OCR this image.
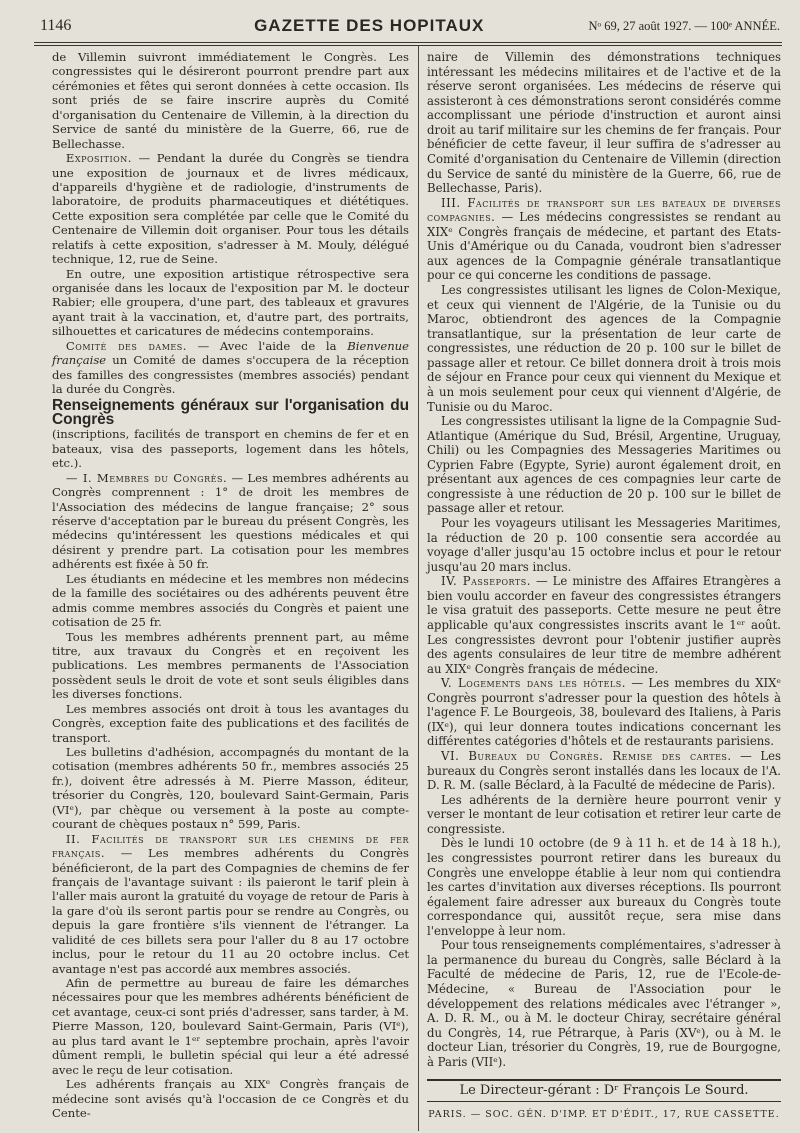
1146	GAZETTE DES HOPITAUX	Nᵒ 69, 27 août 1927. — 100ᵉ ANNÉE.

de Villemin suivront immédiatement le Congrès. Les congressistes qui le désireront pourront prendre part aux cérémonies et fêtes qui seront données à cette occasion. Ils sont priés de se faire inscrire auprès du Comité d'organisation du Centenaire de Villemin, à la direction du Service de santé du ministère de la Guerre, 66, rue de Bellechasse.

Exposition. — Pendant la durée du Congrès se tiendra une exposition de journaux et de livres médicaux, d'appareils d'hygiène et de radiologie, d'instruments de laboratoire, de produits pharmaceutiques et diététiques. Cette exposition sera complétée par celle que le Comité du Centenaire de Villemin doit organiser. Pour tous les détails relatifs à cette exposition, s'adresser à M. Mouly, délégué technique, 12, rue de Seine.

En outre, une exposition artistique rétrospective sera organisée dans les locaux de l'exposition par M. le docteur Rabier; elle groupera, d'une part, des tableaux et gravures ayant trait à la vaccination, et, d'autre part, des portraits, silhouettes et caricatures de médecins contemporains.

Comité des dames. — Avec l'aide de la Bienvenue française un Comité de dames s'occupera de la réception des familles des congressistes (membres associés) pendant la durée du Congrès.

Renseignements généraux sur l'organisation du Congrès

(inscriptions, facilités de transport en chemins de fer et en bateaux, visa des passeports, logement dans les hôtels, etc.).

— I. Membres du Congrès. — Les membres adhérents au Congrès comprennent : 1° de droit les membres de l'Association des médecins de langue française; 2° sous réserve d'acceptation par le bureau du présent Congrès, les médecins qu'intéressent les questions médicales et qui désirent y prendre part. La cotisation pour les membres adhérents est fixée à 50 fr.

Les étudiants en médecine et les membres non médecins de la famille des sociétaires ou des adhérents peuvent être admis comme membres associés du Congrès et paient une cotisation de 25 fr.

Tous les membres adhérents prennent part, au même titre, aux travaux du Congrès et en reçoivent les publications. Les membres permanents de l'Association possèdent seuls le droit de vote et sont seuls éligibles dans les diverses fonctions.

Les membres associés ont droit à tous les avantages du Congrès, exception faite des publications et des facilités de transport.

Les bulletins d'adhésion, accompagnés du montant de la cotisation (membres adhérents 50 fr., membres associés 25 fr.), doivent être adressés à M. Pierre Masson, éditeur, trésorier du Congrès, 120, boulevard Saint-Germain, Paris (VIᵉ), par chèque ou versement à la poste au compte-courant de chèques postaux n° 599, Paris.

II. Facilités de transport sur les chemins de fer français. — Les membres adhérents du Congrès bénéficieront, de la part des Compagnies de chemins de fer français de l'avantage suivant : ils paieront le tarif plein à l'aller mais auront la gratuité du voyage de retour de Paris à la gare d'où ils seront partis pour se rendre au Congrès, ou depuis la gare frontière s'ils viennent de l'étranger. La validité de ces billets sera pour l'aller du 8 au 17 octobre inclus, pour le retour du 11 au 20 octobre inclus. Cet avantage n'est pas accordé aux membres associés.

Afin de permettre au bureau de faire les démarches nécessaires pour que les membres adhérents bénéficient de cet avantage, ceux-ci sont priés d'adresser, sans tarder, à M. Pierre Masson, 120, boulevard Saint-Germain, Paris (VIᵉ), au plus tard avant le 1ᵉʳ septembre prochain, après l'avoir dûment rempli, le bulletin spécial qui leur a été adressé avec le reçu de leur cotisation.

Les adhérents français au XIXᵉ Congrès français de médecine sont avisés qu'à l'occasion de ce Congrès et du Cente-

naire de Villemin des démonstrations techniques intéressant les médecins militaires et de l'active et de la réserve seront organisées. Les médecins de réserve qui assisteront à ces démonstrations seront considérés comme accomplissant une période d'instruction et auront ainsi droit au tarif militaire sur les chemins de fer français. Pour bénéficier de cette faveur, il leur suffira de s'adresser au Comité d'organisation du Centenaire de Villemin (direction du Service de santé du ministère de la Guerre, 66, rue de Bellechasse, Paris).

III. Facilités de transport sur les bateaux de diverses compagnies. — Les médecins congressistes se rendant au XIXᵉ Congrès français de médecine, et partant des Etats-Unis d'Amérique ou du Canada, voudront bien s'adresser aux agences de la Compagnie générale transatlantique pour ce qui concerne les conditions de passage.

Les congressistes utilisant les lignes de Colon-Mexique, et ceux qui viennent de l'Algérie, de la Tunisie ou du Maroc, obtiendront des agences de la Compagnie transatlantique, sur la présentation de leur carte de congressistes, une réduction de 20 p. 100 sur le billet de passage aller et retour. Ce billet donnera droit à trois mois de séjour en France pour ceux qui viennent du Mexique et à un mois seulement pour ceux qui viennent d'Algérie, de Tunisie ou du Maroc.

Les congressistes utilisant la ligne de la Compagnie Sud-Atlantique (Amérique du Sud, Brésil, Argentine, Uruguay, Chili) ou les Compagnies des Messageries Maritimes ou Cyprien Fabre (Egypte, Syrie) auront également droit, en présentant aux agences de ces compagnies leur carte de congressiste à une réduction de 20 p. 100 sur le billet de passage aller et retour.

Pour les voyageurs utilisant les Messageries Maritimes, la réduction de 20 p. 100 consentie sera accordée au voyage d'aller jusqu'au 15 octobre inclus et pour le retour jusqu'au 20 mars inclus.

IV. Passeports. — Le ministre des Affaires Etrangères a bien voulu accorder en faveur des congressistes étrangers le visa gratuit des passeports. Cette mesure ne peut être applicable qu'aux congressistes inscrits avant le 1ᵉʳ août. Les congressistes devront pour l'obtenir justifier auprès des agents consulaires de leur titre de membre adhérent au XIXᵉ Congrès français de médecine.

V. Logements dans les hôtels. — Les membres du XIXᵉ Congrès pourront s'adresser pour la question des hôtels à l'agence F. Le Bourgeois, 38, boulevard des Italiens, à Paris (IXᵉ), qui leur donnera toutes indications concernant les différentes catégories d'hôtels et de restaurants parisiens.

VI. Bureaux du Congrès. Remise des cartes. — Les bureaux du Congrès seront installés dans les locaux de l'A. D. R. M. (salle Béclard, à la Faculté de médecine de Paris).

Les adhérents de la dernière heure pourront venir y verser le montant de leur cotisation et retirer leur carte de congressiste.

Dès le lundi 10 octobre (de 9 à 11 h. et de 14 à 18 h.), les congressistes pourront retirer dans les bureaux du Congrès une enveloppe établie à leur nom qui contiendra les cartes d'invitation aux diverses réceptions. Ils pourront également faire adresser aux bureaux du Congrès toute correspondance qui, aussitôt reçue, sera mise dans l'enveloppe à leur nom.

Pour tous renseignements complémentaires, s'adresser à la permanence du bureau du Congrès, salle Béclard à la Faculté de médecine de Paris, 12, rue de l'Ecole-de-Médecine, « Bureau de l'Association pour le développement des relations médicales avec l'étranger », A. D. R. M., ou à M. le docteur Chiray, secrétaire général du Congrès, 14, rue Pétrarque, à Paris (XVᵉ), ou à M. le docteur Lian, trésorier du Congrès, 19, rue de Bourgogne, à Paris (VIIᵉ).

Le Directeur-gérant : Dʳ François Le Sourd.
PARIS. — SOC. GÉN. D'IMP. ET D'ÉDIT., 17, RUE CASSETTE.
